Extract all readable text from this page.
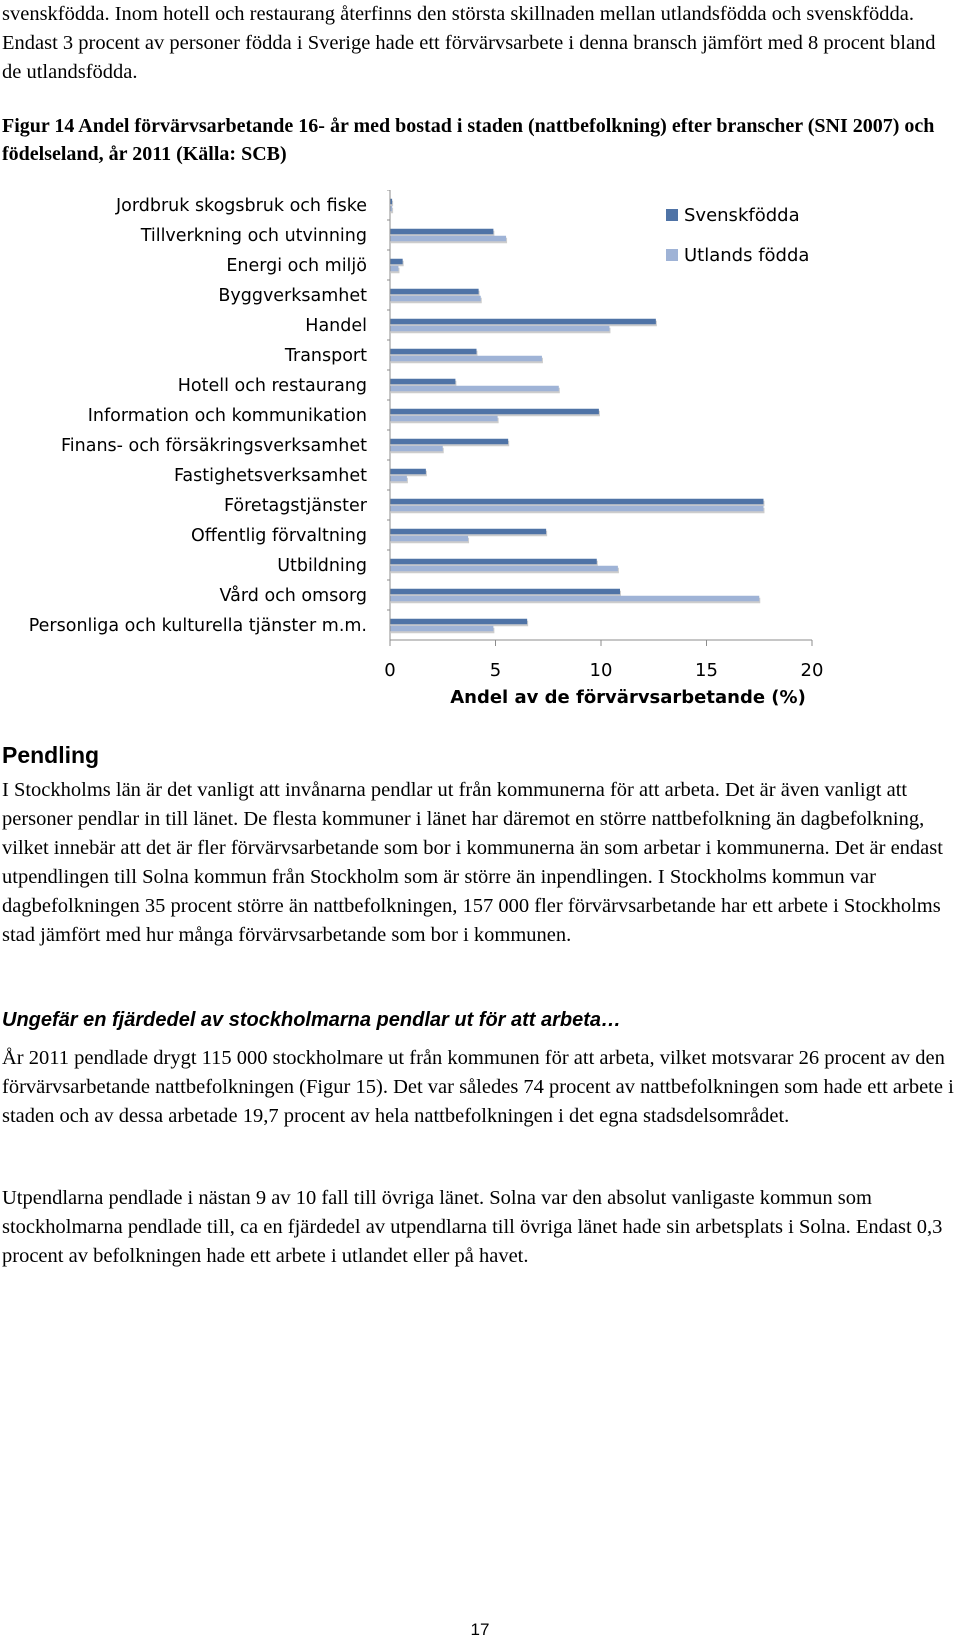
svenskfödda. Inom hotell och restaurang återfinns den största skillnaden mellan utlandsfödda och svenskfödda. Endast 3 procent av personer födda i Sverige hade ett förvärvsarbete i denna bransch jämfört med 8 procent bland de utlandsfödda.

Figur 14 Andel förvärvsarbetande 16- år med bostad i staden (nattbefolkning) efter branscher (SNI 2007) och födelseland, år 2011 (Källa: SCB)

Jordbruk skogsbruk och fiske
Tillverkning och utvinning
Energi och miljö
Byggverksamhet
Handel
Transport
Hotell och restaurang
Information och kommunikation
Finans- och försäkringsverksamhet
Fastighetsverksamhet
Företagstjänster
Offentlig förvaltning
Utbildning
Vård och omsorg
Personliga och kulturella tjänster m.m.
0	5	10	15	20
Andel av de förvärvsarbetande (%)
Svenskfödda
Utlands födda
Pendling

I Stockholms län är det vanligt att invånarna pendlar ut från kommunerna för att arbeta. Det är även vanligt att personer pendlar in till länet. De flesta kommuner i länet har däremot en större nattbefolkning än dagbefolkning, vilket innebär att det är fler förvärvsarbetande som bor i kommunerna än som arbetar i kommunerna. Det är endast utpendlingen till Solna kommun från Stockholm som är större än inpendlingen. I Stockholms kommun var dagbefolkningen 35 procent större än nattbefolkningen, 157 000 fler förvärvsarbetande har ett arbete i Stockholms stad jämfört med hur många förvärvsarbetande som bor i kommunen.

Ungefär en fjärdedel av stockholmarna pendlar ut för att arbeta…

År 2011 pendlade drygt 115 000 stockholmare ut från kommunen för att arbeta, vilket motsvarar 26 procent av den förvärvsarbetande nattbefolkningen (Figur 15). Det var således 74 procent av nattbefolkningen som hade ett arbete i staden och av dessa arbetade 19,7 procent av hela nattbefolkningen i det egna stadsdelsområdet.

Utpendlarna pendlade i nästan 9 av 10 fall till övriga länet. Solna var den absolut vanligaste kommun som stockholmarna pendlade till, ca en fjärdedel av utpendlarna till övriga länet hade sin arbetsplats i Solna. Endast 0,3 procent av befolkningen hade ett arbete i utlandet eller på havet.

17
